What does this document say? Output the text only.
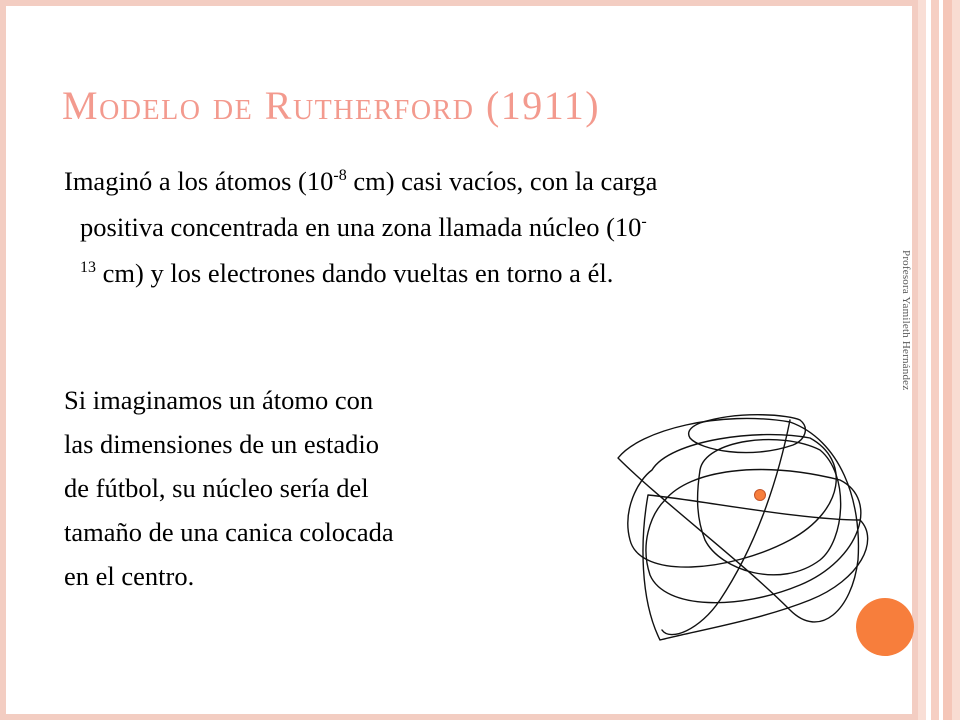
Profesora Yamileth Hernández
Modelo de Rutherford (1911)
Imaginó a los átomos ($10^{-8}$ cm) casi vacíos, con la carga
positiva concentrada en una zona llamada núcleo (10-
$^{13}$ cm) y los electrones dando vueltas en torno a él.
Si imaginamos un átomo con
las dimensiones de un estadio
de fútbol, su núcleo sería del
tamaño de una canica colocada
en el centro.
